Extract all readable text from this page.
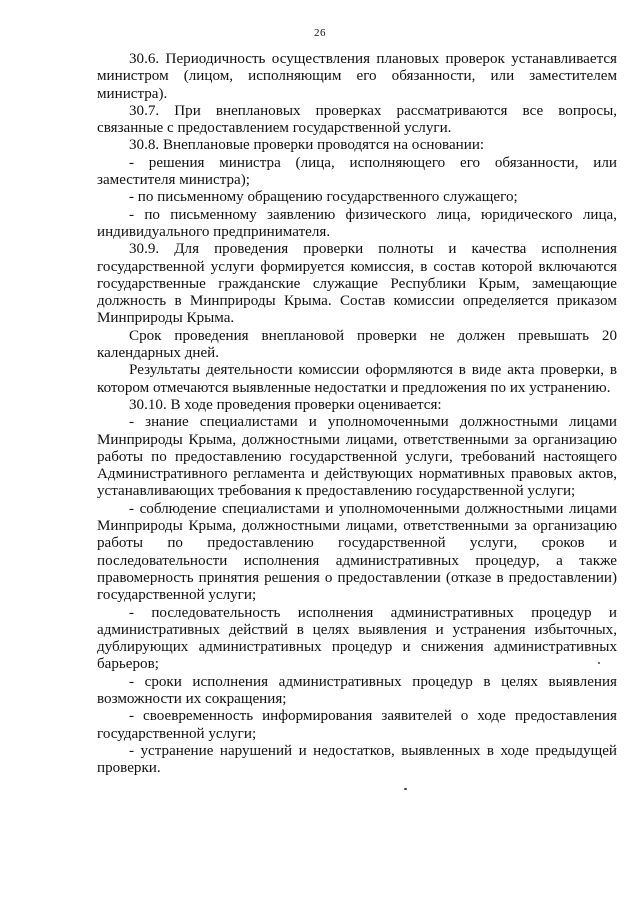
26

30.6. Периодичность осуществления плановых проверок устанавливается министром (лицом, исполняющим его обязанности, или заместителем министра).

30.7. При внеплановых проверках рассматриваются все вопросы, связанные с предоставлением государственной услуги.

30.8. Внеплановые проверки проводятся на основании:

- решения министра (лица, исполняющего его обязанности, или заместителя министра);

- по письменному обращению государственного служащего;

- по письменному заявлению физического лица, юридического лица, индивидуального предпринимателя.

30.9. Для проведения проверки полноты и качества исполнения государственной услуги формируется комиссия, в состав которой включаются государственные гражданские служащие Республики Крым, замещающие должность в Минприроды Крыма. Состав комиссии определяется приказом Минприроды Крыма.

Срок проведения внеплановой проверки не должен превышать 20 календарных дней.

Результаты деятельности комиссии оформляются в виде акта проверки, в котором отмечаются выявленные недостатки и предложения по их устранению.

30.10. В ходе проведения проверки оценивается:

- знание специалистами и уполномоченными должностными лицами Минприроды Крыма, должностными лицами, ответственными за организацию работы по предоставлению государственной услуги, требований настоящего Административного регламента и действующих нормативных правовых актов, устанавливающих требования к предоставлению государственной услуги;

- соблюдение специалистами и уполномоченными должностными лицами Минприроды Крыма, должностными лицами, ответственными за организацию работы по предоставлению государственной услуги, сроков и последовательности исполнения административных процедур, а также правомерность принятия решения о предоставлении (отказе в предоставлении) государственной услуги;

- последовательность исполнения административных процедур и административных действий в целях выявления и устранения избыточных, дублирующих административных процедур и снижения административных барьеров;

- сроки исполнения административных процедур в целях выявления возможности их сокращения;

- своевременность информирования заявителей о ходе предоставления государственной услуги;

- устранение нарушений и недостатков, выявленных в ходе предыдущей проверки.
